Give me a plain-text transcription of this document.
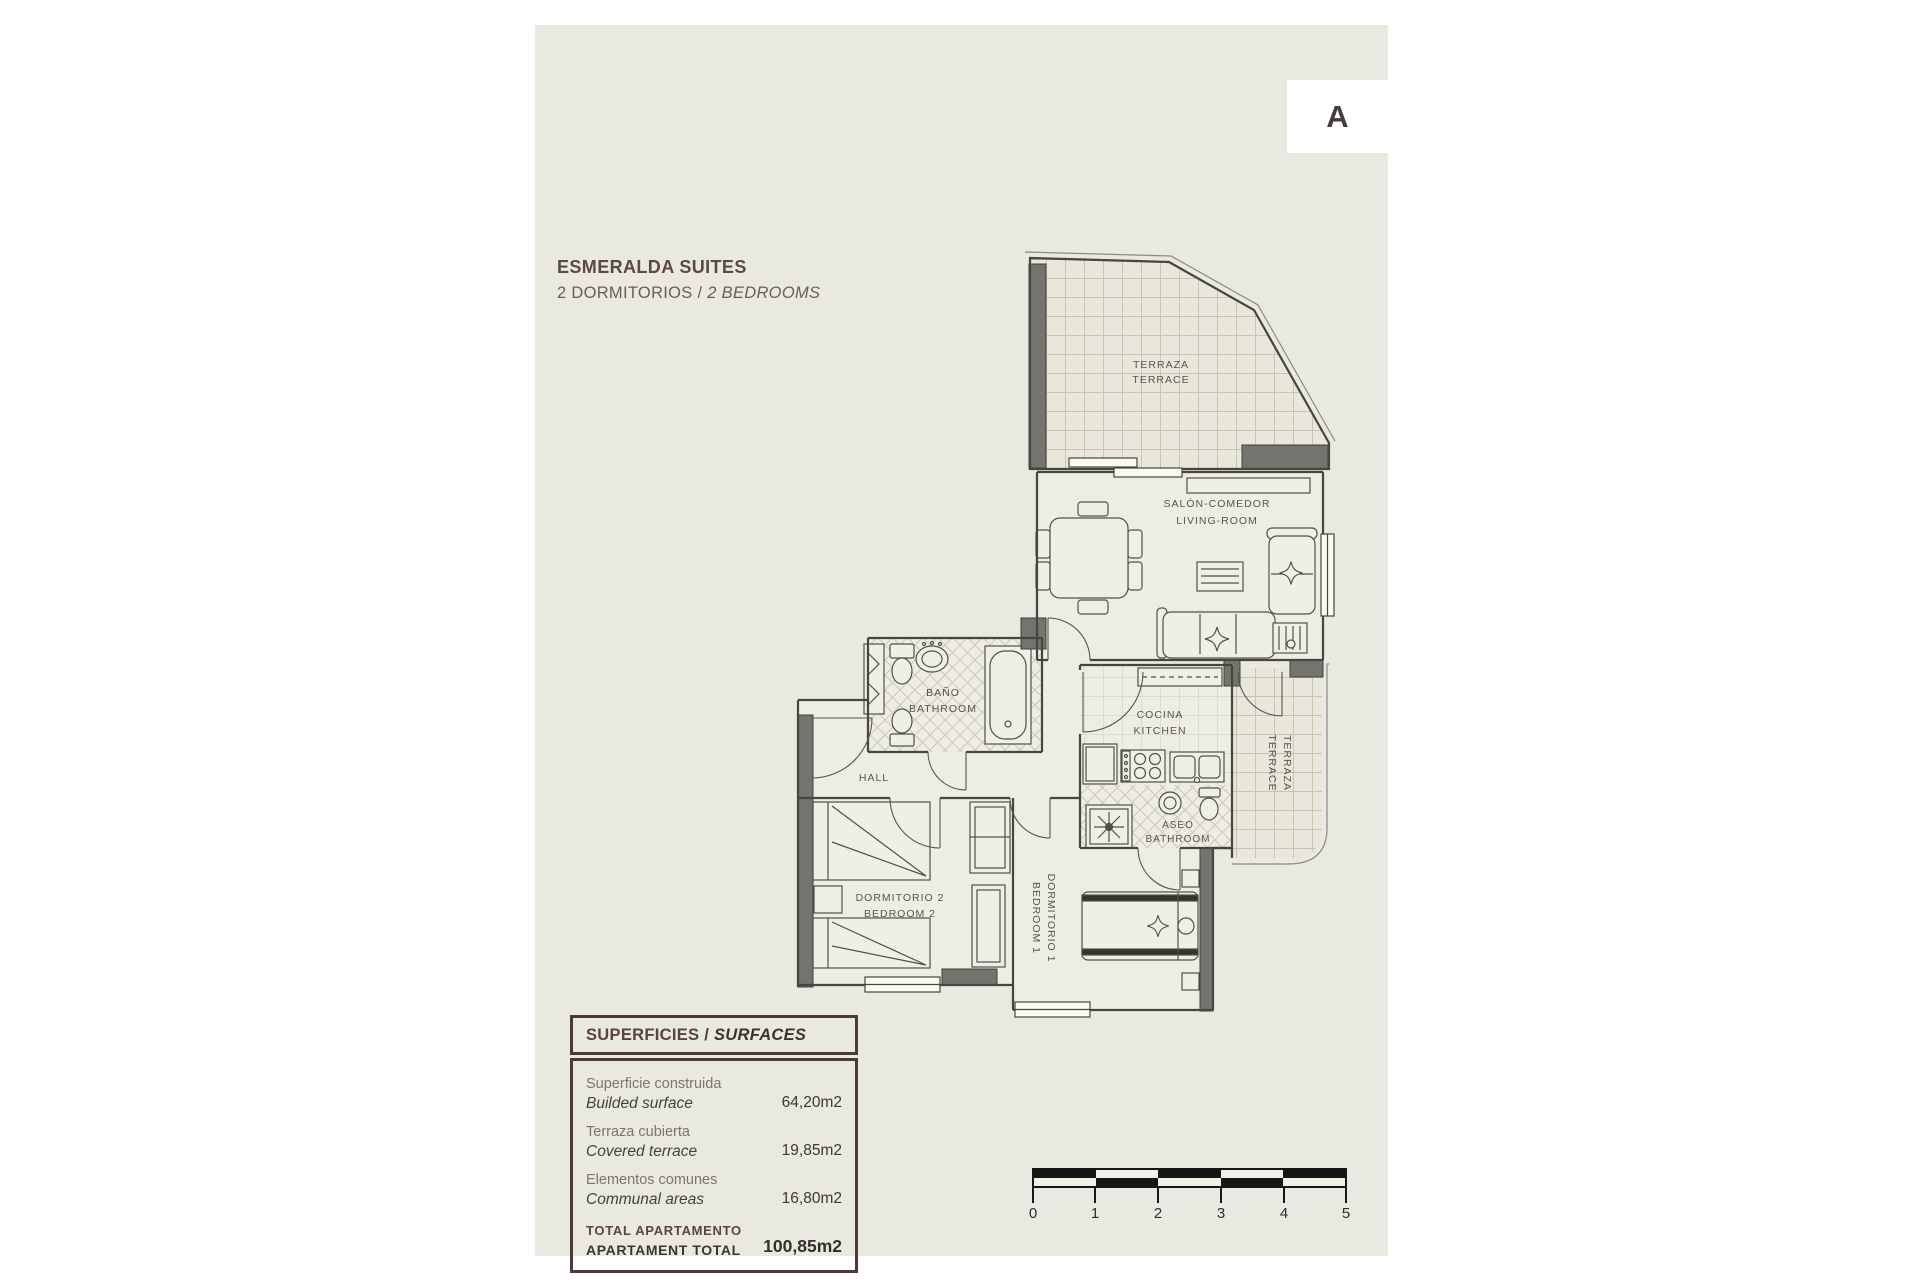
A
ESMERALDA SUITES
2 DORMITORIOS / 2 BEDROOMS
TERRAZA
TERRACE
SALÓN-COMEDOR
LIVING-ROOM
BAÑO
BATHROOM	COCINA
KITCHEN
HALL
ASEO
BATHROOM
TERRAZA
TERRACE
DORMITORIO 2
BEDROOM 2	DORMITORIO 1
BEDROOM 1
SUPERFICIES / SURFACES
Superficie construida
Builded surface	64,20m2
Terraza cubierta
Covered terrace	19,85m2
Elementos comunes
Communal areas	16,80m2
TOTAL APARTAMENTO
APARTAMENT TOTAL 100,85m2
0	1	2	3	4	5
